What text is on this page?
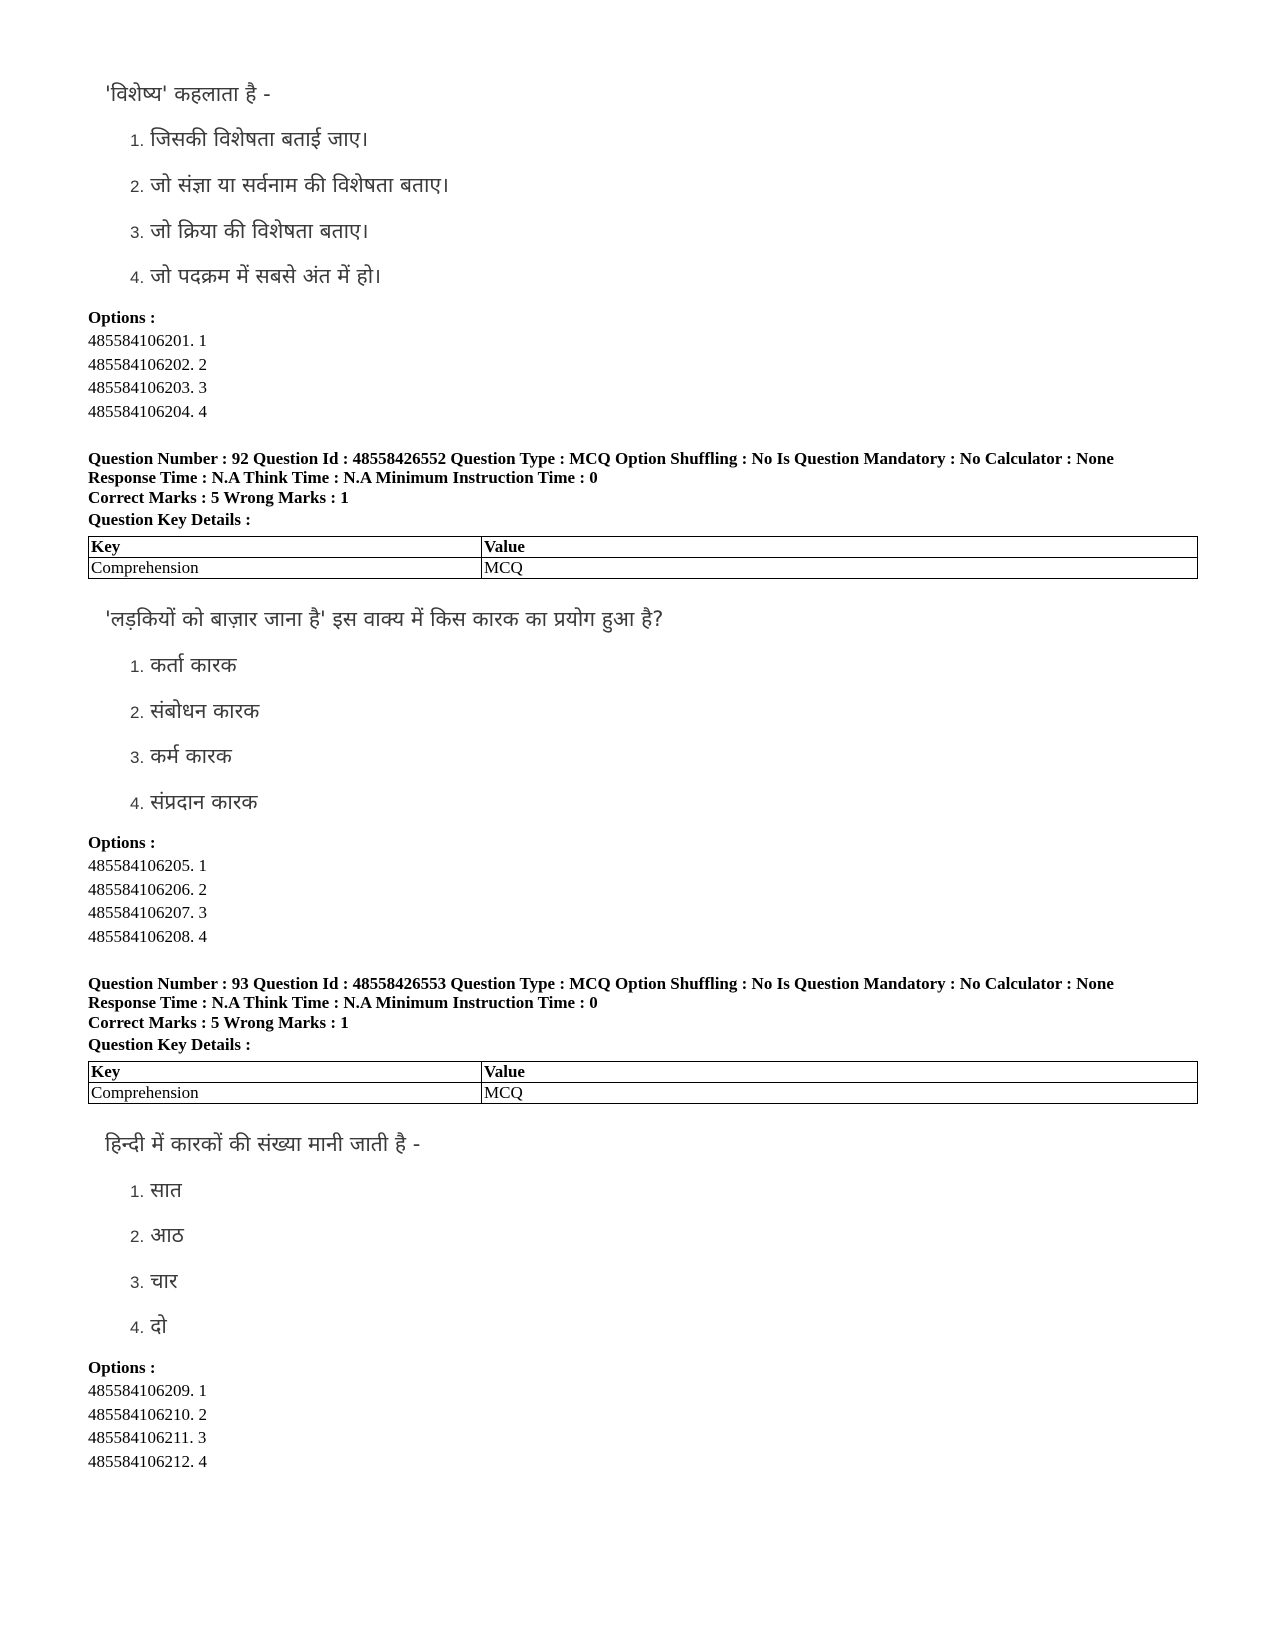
'विशेष्य' कहलाता है -
1. जिसकी विशेषता बताई जाए।
2. जो संज्ञा या सर्वनाम की विशेषता बताए।
3. जो क्रिया की विशेषता बताए।
4. जो पदक्रम में सबसे अंत में हो।
Options :
485584106201. 1
485584106202. 2
485584106203. 3
485584106204. 4
Question Number : 92 Question Id : 48558426552 Question Type : MCQ Option Shuffling : No Is Question Mandatory : No Calculator : None
Response Time : N.A Think Time : N.A Minimum Instruction Time : 0
Correct Marks : 5 Wrong Marks : 1
Question Key Details :
Key	Value
Comprehension	MCQ
'लड़कियों को बाज़ार जाना है' इस वाक्य में किस कारक का प्रयोग हुआ है?
1. कर्ता कारक
2. संबोधन कारक
3. कर्म कारक
4. संप्रदान कारक
Options :
485584106205. 1
485584106206. 2
485584106207. 3
485584106208. 4
Question Number : 93 Question Id : 48558426553 Question Type : MCQ Option Shuffling : No Is Question Mandatory : No Calculator : None
Response Time : N.A Think Time : N.A Minimum Instruction Time : 0
Correct Marks : 5 Wrong Marks : 1
Question Key Details :
Key	Value
Comprehension	MCQ
हिन्दी में कारकों की संख्या मानी जाती है -
1. सात
2. आठ
3. चार
4. दो
Options :
485584106209. 1
485584106210. 2
485584106211. 3
485584106212. 4
